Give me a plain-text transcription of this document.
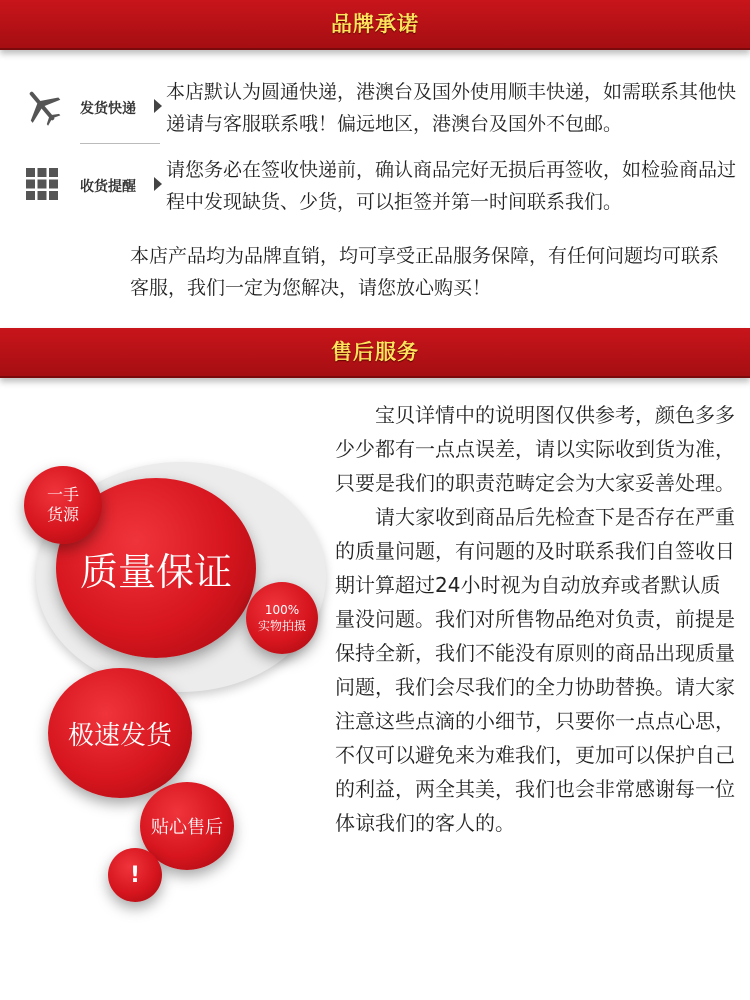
品牌承诺
发货快递
本店默认为圆通快递，港澳台及国外使用顺丰快递，如需联系其他快递请与客服联系哦！偏远地区，港澳台及国外不包邮。
收货提醒
请您务必在签收快递前，确认商品完好无损后再签收，如检验商品过程中发现缺货、少货，可以拒签并第一时间联系我们。
本店产品均为品牌直销，均可享受正品服务保障，有任何问题均可联系客服，我们一定为您解决，请您放心购买！
售后服务
质量保证
一手
货源
100%
实物拍摄
极速发货
贴心售后
!

宝贝详情中的说明图仅供参考，颜色多多少少都有一点点误差，请以实际收到货为准，只要是我们的职责范畴定会为大家妥善处理。

请大家收到商品后先检查下是否存在严重的质量问题，有问题的及时联系我们自签收日期计算超过24小时视为自动放弃或者默认质量没问题。我们对所售物品绝对负责，前提是保持全新，我们不能没有原则的商品出现质量问题，我们会尽我们的全力协助替换。请大家注意这些点滴的小细节，只要你一点点心思，不仅可以避免来为难我们，更加可以保护自己的利益，两全其美，我们也会非常感谢每一位体谅我们的客人的。
